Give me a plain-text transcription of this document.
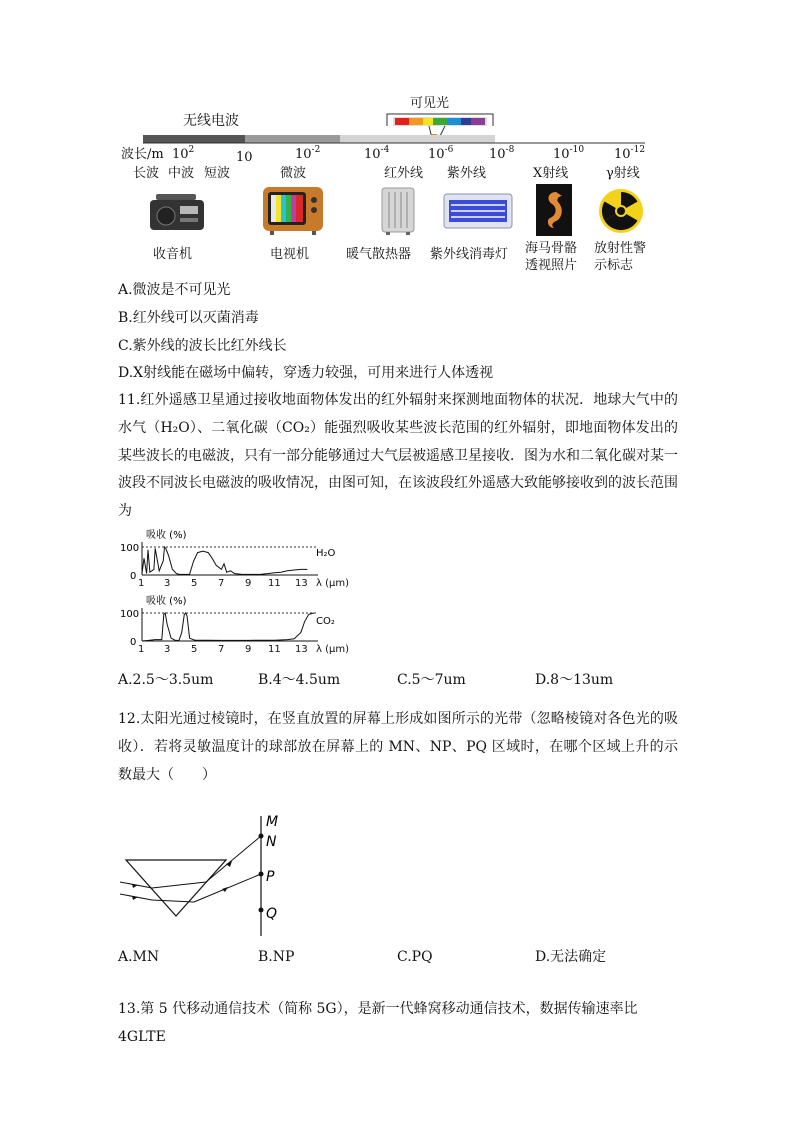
可见光
无线电波
波长/m $10^2$	10	$10^{-2}$	$10^{-4}$	$10^{-6}$	$10^{-8}$	$10^{-10}$ $10^{-12}$
长波 中波 短波	微波	红外线 紫外线	X射线	γ射线
收音机	电视机	暖气散热器 紫外线消毒灯 海马骨骼
透视照片
放射性警
示标志
A.微波是不可见光
B.红外线可以灭菌消毒
C.紫外线的波长比红外线长
D.X射线能在磁场中偏转，穿透力较强，可用来进行人体透视
11.红外遥感卫星通过接收地面物体发出的红外辐射来探测地面物体的状况．地球大气中的水气（H₂O）、二氧化碳（CO₂）能强烈吸收某些波长范围的红外辐射，即地面物体发出的某些波长的电磁波，只有一部分能够通过大气层被遥感卫星接收．图为水和二氧化碳对某一波段不同波长电磁波的吸收情况，由图可知，在该波段红外遥感大致能够接收到的波长范围为
吸收 (%)
100
0
H₂O
1 3 5 7 9 11 13 λ (μm)
吸收 (%)
100
0
CO₂
1 3 5 7 9 11 13 λ (μm)
A.2.5～3.5um	B.4～4.5um	C.5～7um	D.8～13um
12.太阳光通过棱镜时，在竖直放置的屏幕上形成如图所示的光带（忽略棱镜对各色光的吸收）．若将灵敏温度计的球部放在屏幕上的 MN、NP、PQ 区域时，在哪个区域上升的示数最大（　　）
M
N
P
Q
A.MN	B.NP	C.PQ	D.无法确定
13.第 5 代移动通信技术（简称 5G），是新一代蜂窝移动通信技术，数据传输速率比 4GLTE
